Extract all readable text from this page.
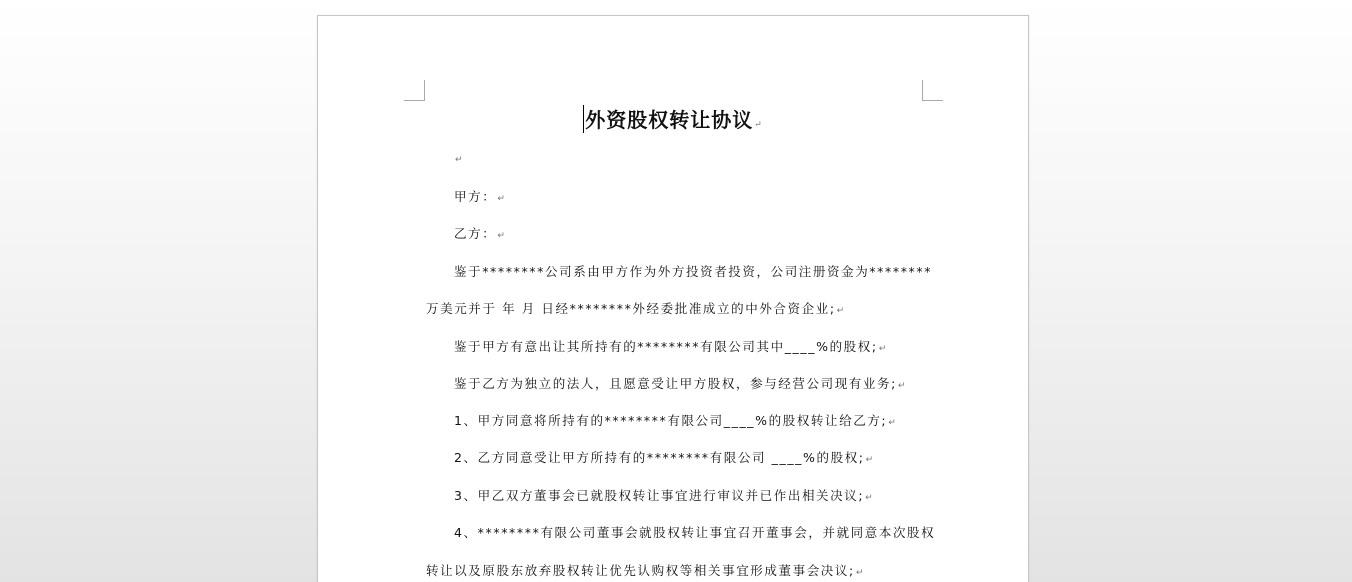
外资股权转让协议↵
↵
甲方：↵
乙方：↵
鉴于********公司系由甲方作为外方投资者投资，公司注册资金为********
万美元并于 年 月 日经********外经委批准成立的中外合资企业;↵
鉴于甲方有意出让其所持有的********有限公司其中____%的股权;↵
鉴于乙方为独立的法人，且愿意受让甲方股权，参与经营公司现有业务;↵
1、甲方同意将所持有的********有限公司____%的股权转让给乙方;↵
2、乙方同意受让甲方所持有的********有限公司 ____%的股权;↵
3、甲乙双方董事会已就股权转让事宜进行审议并已作出相关决议;↵
4、********有限公司董事会就股权转让事宜召开董事会，并就同意本次股权
转让以及原股东放弃股权转让优先认购权等相关事宜形成董事会决议;↵
